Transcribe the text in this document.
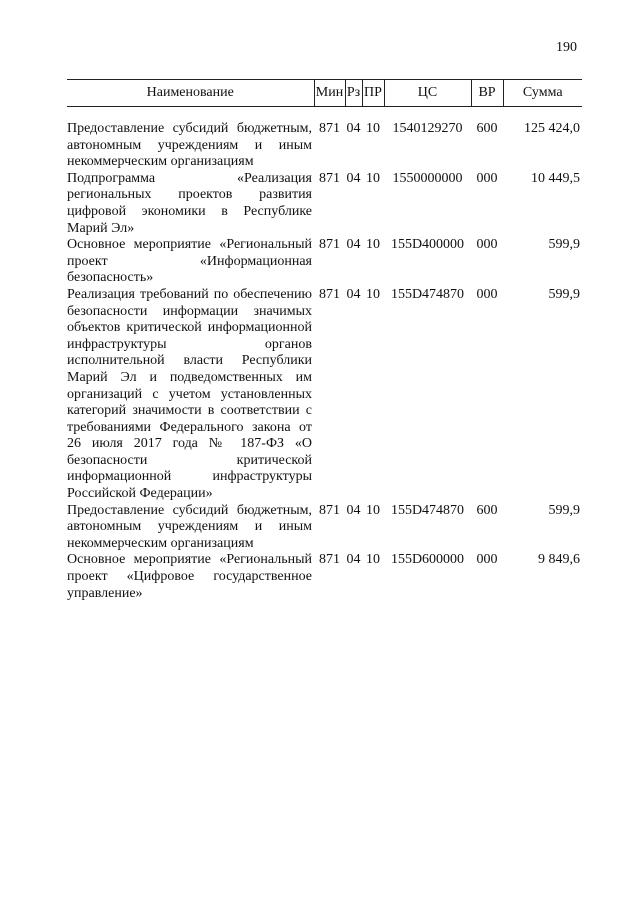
190
Наименование	Мин	Рз	ПР	ЦС	ВР	Сумма

Предоставление субсидий бюджетным, автономным учреждениям и иным некоммерческим организациям	871	04	10	1540129270	600	125 424,0
Подпрограмма «Реализация региональных проектов развития цифровой экономики в Республике Марий Эл»	871	04	10	1550000000	000	10 449,5
Основное мероприятие «Региональный проект «Информационная безопасность»	871	04	10	155D400000	000	599,9
Реализация требований по обеспечению безопасности информации значимых объектов критической информационной инфраструктуры органов исполнительной власти Республики Марий Эл и подведомственных им организаций с учетом установленных категорий значимости в соответствии с требованиями Федерального закона от 26 июля 2017 года № 187-ФЗ «О безопасности критической информационной инфраструктуры Российской Федерации»	871	04	10	155D474870	000	599,9
Предоставление субсидий бюджетным, автономным учреждениям и иным некоммерческим организациям	871	04	10	155D474870	600	599,9
Основное мероприятие «Региональный проект «Цифровое государственное управление»	871	04	10	155D600000	000	9 849,6
